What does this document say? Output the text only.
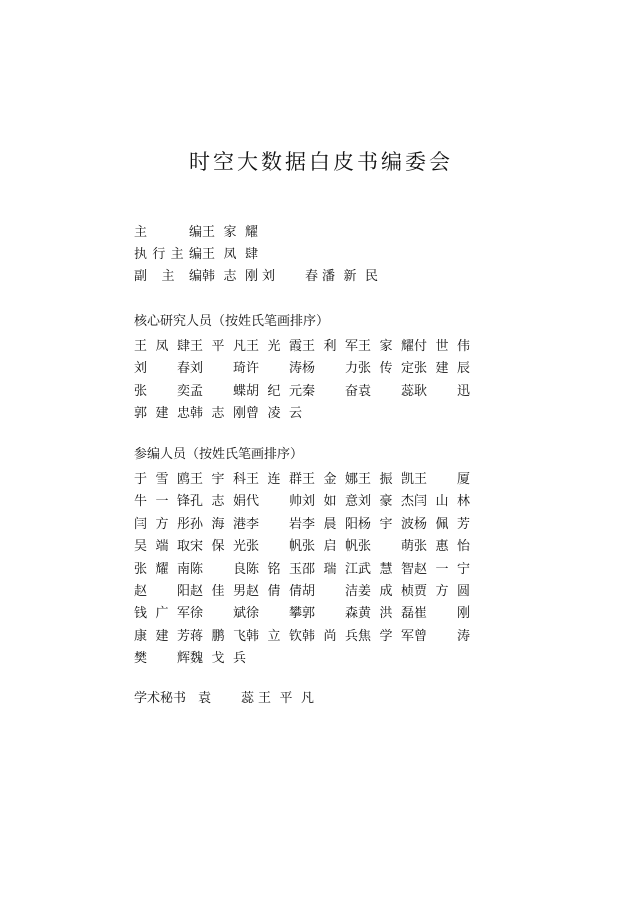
时空大数据白皮书编委会
主	编 王 家 耀
执 行 主 编 王 凤 肆
副 主 编 韩 志 刚 刘 春 潘 新 民
核心研究人员（按姓氏笔画排序）
王 凤 肆 王 平 凡 王 光 霞 王 利 军 王 家 耀 付 世 伟
刘 春 刘 琦 许 涛 杨 力 张 传 定 张 建 辰
张 奕 孟 蝶 胡 纪 元 秦 奋 袁 蕊 耿 迅
郭 建 忠 韩 志 刚 曾 凌 云
参编人员（按姓氏笔画排序）
于 雪 鸥 王 宇 科 王 连 群 王 金 娜 王 振 凯 王 厦
牛 一 锋 孔 志 娟 代 帅 刘 如 意 刘 豪 杰 闫 山 林
闫 方 彤 孙 海 港 李 岩 李 晨 阳 杨 宇 波 杨 佩 芳
吴 端 取 宋 保 光 张 帆 张 启 帆 张 萌 张 惠 怡
张 耀 南 陈 良 陈 铭 玉 邵 瑞 江 武 慧 智 赵 一 宁
赵 阳 赵 佳 男 赵 倩 倩 胡 洁 姜 成 桢 贾 方 圆
钱 广 军 徐 斌 徐 攀 郭 森 黄 洪 磊 崔 刚
康 建 芳 蒋 鹏 飞 韩 立 钦 韩 尚 兵 焦 学 军 曾 涛
樊 辉 魏 戈 兵
学术秘书 袁 蕊 王 平 凡
